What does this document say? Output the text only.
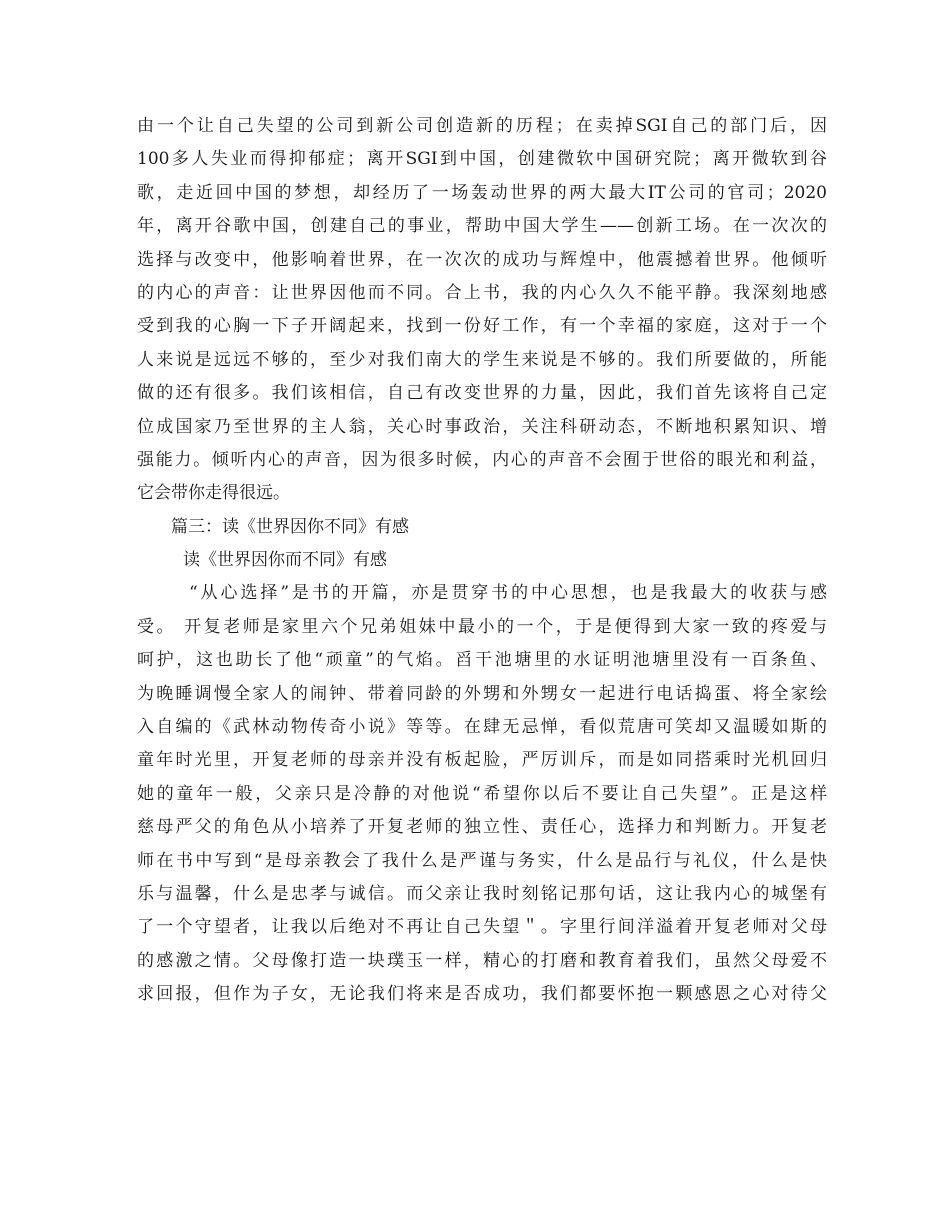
由一个让自己失望的公司到新公司创造新的历程；在卖掉SGI自己的部门后，因
100多人失业而得抑郁症；离开SGI到中国，创建微软中国研究院；离开微软到谷
歌，走近回中国的梦想，却经历了一场轰动世界的两大最大IT公司的官司；2020
年，离开谷歌中国，创建自己的事业，帮助中国大学生——创新工场。在一次次的
选择与改变中，他影响着世界，在一次次的成功与辉煌中，他震撼着世界。他倾听
的内心的声音：让世界因他而不同。合上书，我的内心久久不能平静。我深刻地感
受到我的心胸一下子开阔起来，找到一份好工作，有一个幸福的家庭，这对于一个
人来说是远远不够的，至少对我们南大的学生来说是不够的。我们所要做的，所能
做的还有很多。我们该相信，自己有改变世界的力量，因此，我们首先该将自己定
位成国家乃至世界的主人翁，关心时事政治，关注科研动态，不断地积累知识、增
强能力。倾听内心的声音，因为很多时候，内心的声音不会囿于世俗的眼光和利益，
它会带你走得很远。
篇三：读《世界因你不同》有感
读《世界因你而不同》有感
“从心选择”是书的开篇，亦是贯穿书的中心思想，也是我最大的收获与感
受。 开复老师是家里六个兄弟姐妹中最小的一个，于是便得到大家一致的疼爱与
呵护，这也助长了他“顽童”的气焰。舀干池塘里的水证明池塘里没有一百条鱼、
为晚睡调慢全家人的闹钟、带着同龄的外甥和外甥女一起进行电话捣蛋、将全家绘
入自编的《武林动物传奇小说》等等。在肆无忌惮，看似荒唐可笑却又温暖如斯的
童年时光里，开复老师的母亲并没有板起脸，严厉训斥，而是如同搭乘时光机回归
她的童年一般，父亲只是冷静的对他说“希望你以后不要让自己失望”。正是这样
慈母严父的角色从小培养了开复老师的独立性、责任心，选择力和判断力。开复老
师在书中写到“是母亲教会了我什么是严谨与务实，什么是品行与礼仪，什么是快
乐与温馨，什么是忠孝与诚信。而父亲让我时刻铭记那句话，这让我内心的城堡有
了一个守望者，让我以后绝对不再让自己失望＂。字里行间洋溢着开复老师对父母
的感激之情。父母像打造一块璞玉一样，精心的打磨和教育着我们，虽然父母爱不
求回报，但作为子女，无论我们将来是否成功，我们都要怀抱一颗感恩之心对待父
